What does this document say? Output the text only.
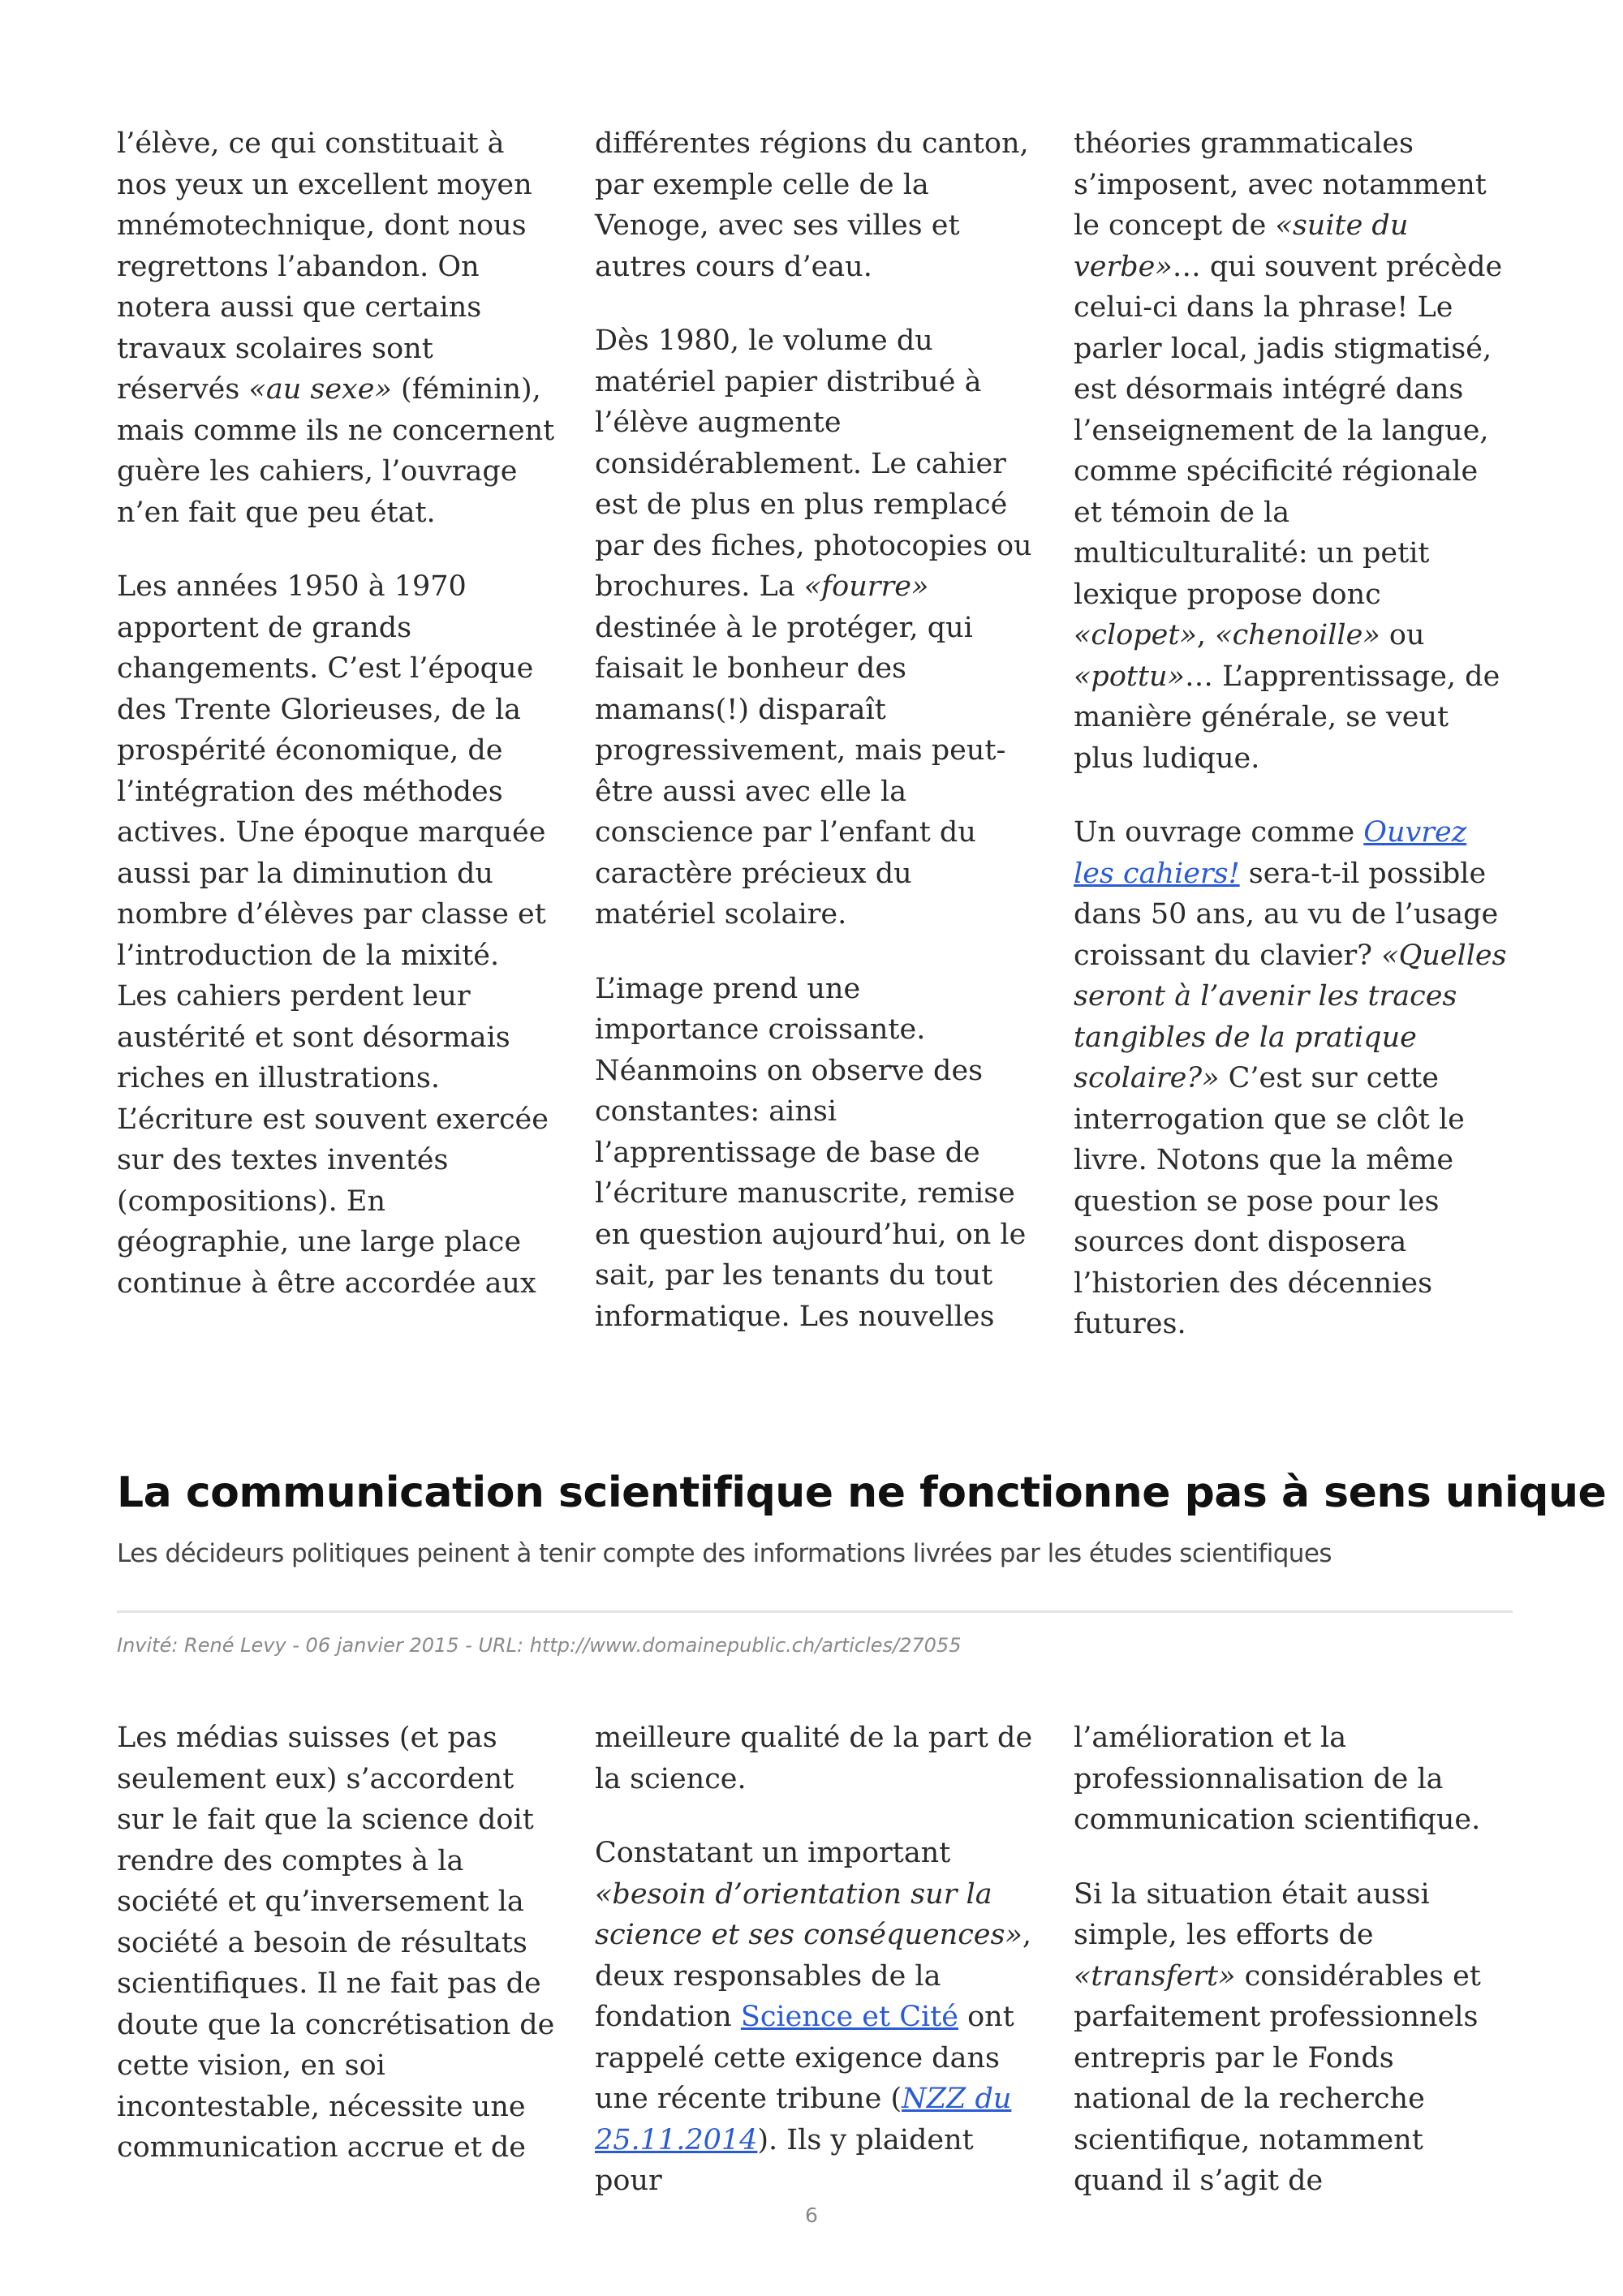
l’élève, ce qui constituait à nos yeux un excellent moyen mnémotechnique, dont nous regrettons l’abandon. On notera aussi que certains travaux scolaires sont réservés «au sexe» (féminin), mais comme ils ne concernent guère les cahiers, l’ouvrage n’en fait que peu état.

Les années 1950 à 1970 apportent de grands changements. C’est l’époque des Trente Glorieuses, de la prospérité économique, de l’intégration des méthodes actives. Une époque marquée aussi par la diminution du nombre d’élèves par classe et l’introduction de la mixité. Les cahiers perdent leur austérité et sont désormais riches en illustrations. L’écriture est souvent exercée sur des textes inventés (compositions). En géographie, une large place continue à être accordée aux

différentes régions du canton, par exemple celle de la Venoge, avec ses villes et autres cours d’eau.

Dès 1980, le volume du matériel papier distribué à l’élève augmente considérablement. Le cahier est de plus en plus remplacé par des fiches, photocopies ou brochures. La «fourre» destinée à le protéger, qui faisait le bonheur des mamans(!) disparaît progressivement, mais peut-être aussi avec elle la conscience par l’enfant du caractère précieux du matériel scolaire.

L’image prend une importance croissante. Néanmoins on observe des constantes: ainsi l’apprentissage de base de l’écriture manuscrite, remise en question aujourd’hui, on le sait, par les tenants du tout informatique. Les nouvelles

théories grammaticales s’imposent, avec notamment le concept de «suite du verbe»… qui souvent précède celui-ci dans la phrase! Le parler local, jadis stigmatisé, est désormais intégré dans l’enseignement de la langue, comme spécificité régionale et témoin de la multiculturalité: un petit lexique propose donc «clopet», «chenoille» ou «pottu»… L’apprentissage, de manière générale, se veut plus ludique.

Un ouvrage comme Ouvrez les cahiers! sera-t-il possible dans 50 ans, au vu de l’usage croissant du clavier? «Quelles seront à l’avenir les traces tangibles de la pratique scolaire?» C’est sur cette interrogation que se clôt le livre. Notons que la même question se pose pour les sources dont disposera l’historien des décennies futures.

La communication scientifique ne fonctionne pas à sens unique
Les décideurs politiques peinent à tenir compte des informations livrées par les études scientifiques
Invité: René Levy - 06 janvier 2015 - URL: http://www.domainepublic.ch/articles/27055

Les médias suisses (et pas seulement eux) s’accordent sur le fait que la science doit rendre des comptes à la société et qu’inversement la société a besoin de résultats scientifiques. Il ne fait pas de doute que la concrétisation de cette vision, en soi incontestable, nécessite une communication accrue et de

meilleure qualité de la part de la science.

Constatant un important «besoin d’orientation sur la science et ses conséquences», deux responsables de la fondation Science et Cité ont rappelé cette exigence dans une récente tribune (NZZ du 25.11.2014). Ils y plaident pour

l’amélioration et la professionnalisation de la communication scientifique.

Si la situation était aussi simple, les efforts de «transfert» considérables et parfaitement professionnels entrepris par le Fonds national de la recherche scientifique, notamment quand il s’agit de

6
